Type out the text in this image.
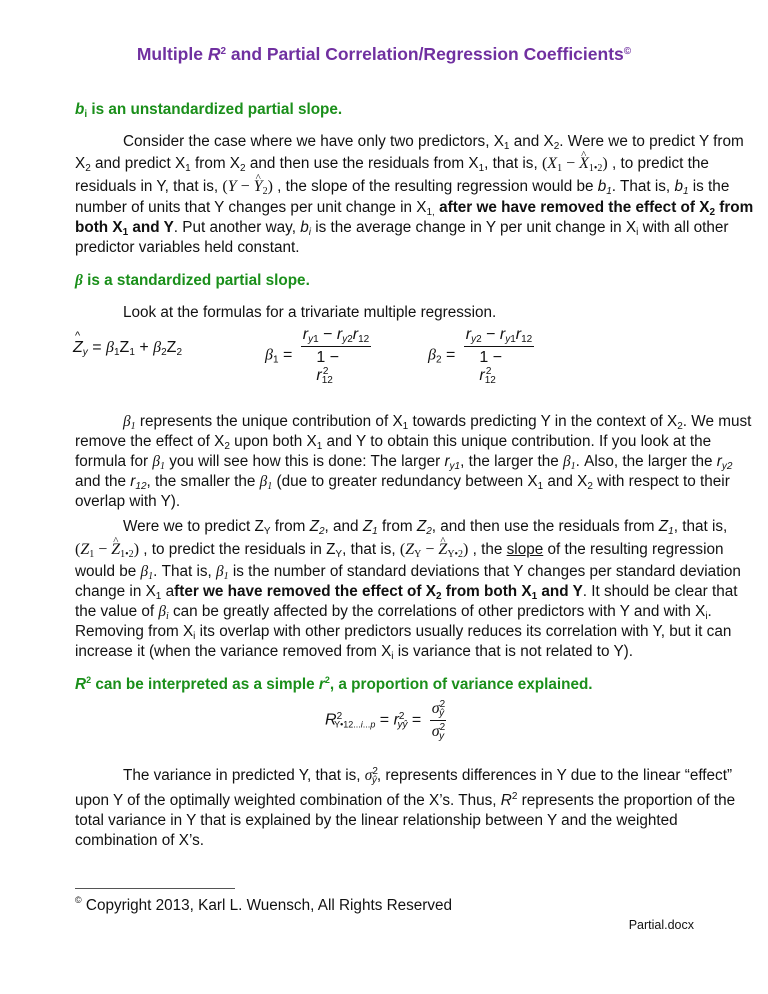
Multiple $R^2$ and Partial Correlation/Regression Coefficients©
$b_i$ is an unstandardized partial slope.
Consider the case where we have only two predictors, $X_1$ and $X_2$. Were we to predict Y from
$X_2$ and predict $X_1$ from $X_2$ and then use the residuals from $X_1$, that is, ($X_1$ − ^ $X_{1•2}$) , to predict the
residuals in Y, that is, (Y − ^ $Y_2$) , the slope of the resulting regression would be $b_1$. That is, $b_1$ is the
number of units that Y changes per unit change in $X_{1,}$ after we have removed the effect of $X_2$ from
both $X_1$ and Y. Put another way, $b_i$ is the average change in Y per unit change in $X_i$ with all other
predictor variables held constant.
β is a standardized partial slope.
Look at the formulas for a trivariate multiple regression.
^ $Z_y = \beta_1Z_1 + \beta_2Z_2$	$\beta_1 = \frac{r_{y1} - r_{y2}r_{12}}{1 - r_{12}^2}$	$\beta_2 = \frac{r_{y2} - r_{y1}r_{12}}{1 - r_{12}^2}$
$\beta_1$ represents the unique contribution of $X_1$ towards predicting Y in the context of $X_2$. We must
remove the effect of $X_2$ upon both $X_1$ and Y to obtain this unique contribution. If you look at the
formula for $\beta_1$ you will see how this is done: The larger $r_{y1}$, the larger the $\beta_1$. Also, the larger the $r_{y2}$
and the $r_{12}$, the smaller the $\beta_1$ (due to greater redundancy between $X_1$ and $X_2$ with respect to their
overlap with Y).
Were we to predict $Z_Y$ from $Z_2$, and $Z_1$ from $Z_2$, and then use the residuals from $Z_1$, that is,
($Z_1$ − ^ $Z_{1•2}$) , to predict the residuals in $Z_Y$, that is, ($Z_Y$ − ^ $Z_{Y•2}$) , the slope of the resulting regression
would be $\beta_1$. That is, $\beta_1$ is the number of standard deviations that Y changes per standard deviation
change in $X_1$ after we have removed the effect of $X_2$ from both $X_1$ and Y. It should be clear that
the value of $\beta_i$ can be greatly affected by the correlations of other predictors with Y and with $X_i$.
Removing from $X_i$ its overlap with other predictors usually reduces its correlation with Y, but it can
increase it (when the variance removed from $X_i$ is variance that is not related to Y).
$R^2$ can be interpreted as a simple $r^2$, a proportion of variance explained.
$R^2_{Y•12...i...p} = r^2_{yŷ} = \frac{\sigma^2_ŷ}{\sigma^2_y}$
The variance in predicted Y, that is, $\sigma^2_ŷ$, represents differences in Y due to the linear “effect”
upon Y of the optimally weighted combination of the X’s. Thus, $R^2$ represents the proportion of the
total variance in Y that is explained by the linear relationship between Y and the weighted
combination of X’s.
© Copyright 2013, Karl L. Wuensch, All Rights Reserved
Partial.docx
